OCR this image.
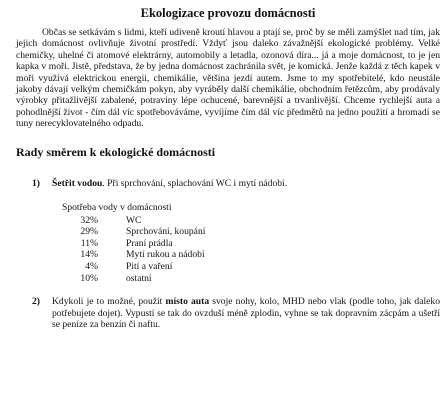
Ekologizace provozu domácnosti

Občas se setkávám s lidmi, kteří udiveně kroutí hlavou a ptají se, proč by se měli zamýšlet nad tím, jak jejich domácnost ovlivňuje životní prostředí. Vždyť jsou daleko závažnější ekologické problémy. Velké chemičky, uhelné či atomové elektrárny, automobily a letadla, ozonová díra... já a moje domácnost, to je jen kapka v moři. Jistě, představa, že by jedna domácnost zachránila svět, je komická. Jenže každá z těch kapek v moři využívá elektrickou energii, chemikálie, většina jezdí autem. Jsme to my spotřebitelé, kdo neustále jakoby dávají velkým chemičkám pokyn, aby vyráběly další chemikálie, obchodním řetězcům, aby prodávaly výrobky přitažlivější zabalené, potraviny lépe ochucené, barevnější a trvanlivější. Chceme rychlejší auta a pohodlnější život - čím dál víc spotřebováváme, vyvíjíme čím dál víc předmětů na jedno použití a hromadí se tuny nerecyklovatelného odpadu.

Rady směrem k ekologické domácnosti
1)	Šetřit vodou. Při sprchování, splachování WC i mytí nádobí.
Spotřeba vody v domácnosti
32%	WC
29%	Sprchování, koupání
11%	Praní prádla
14%	Mytí rukou a nádobí
4%	Pití a vaření
10%	ostatní
2)	Kdykoli je to možné, použít místo auta svoje nohy, kolo, MHD nebo vlak (podle toho, jak daleko potřebujete dojet). Vypustí se tak do ovzduší méně zplodin, vyhne se tak dopravním zácpám a ušetří se peníze za benzín či naftu.
